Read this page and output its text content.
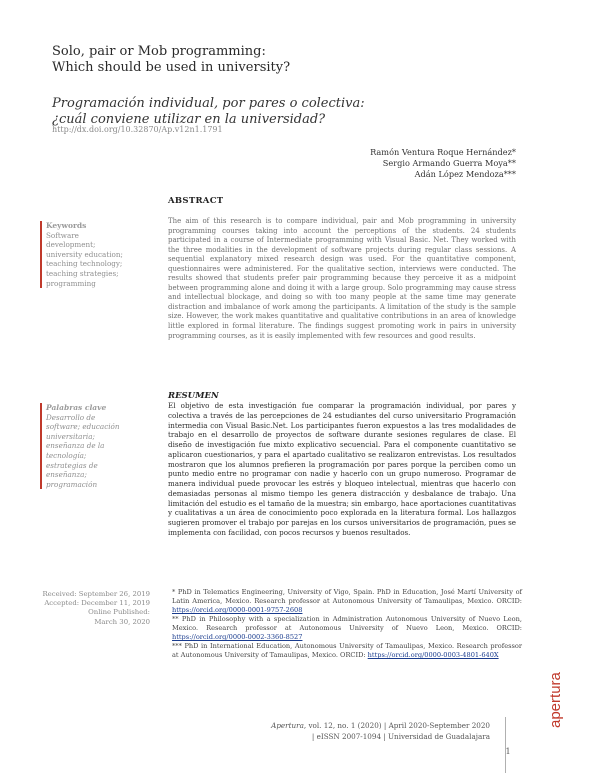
Solo, pair or Mob programming:
Which should be used in university?
Programación individual, por pares o colectiva:
¿cuál conviene utilizar en la universidad?
http://dx.doi.org/10.32870/Ap.v12n1.1791
Ramón Ventura Roque Hernández*
Sergio Armando Guerra Moya**
Adán López Mendoza***
ABSTRACT
Keywords
Software development; university education; teaching technology; teaching strategies; programming
The aim of this research is to compare individual, pair and Mob programming in university programming courses taking into account the perceptions of the students. 24 students participated in a course of Intermediate programming with Visual Basic. Net. They worked with the three modalities in the development of software projects during regular class sessions. A sequential explanatory mixed research design was used. For the quantitative component, questionnaires were administered. For the qualitative section, interviews were conducted. The results showed that students prefer pair programming because they perceive it as a midpoint between programming alone and doing it with a large group. Solo programming may cause stress and intellectual blockage, and doing so with too many people at the same time may generate distraction and imbalance of work among the participants. A limitation of the study is the sample size. However, the work makes quantitative and qualitative contributions in an area of knowledge little explored in formal literature. The findings suggest promoting work in pairs in university programming courses, as it is easily implemented with few resources and good results.
RESUMEN
Palabras clave
Desarrollo de software; educación universitaria; enseñanza de la tecnología; estrategias de enseñanza; programación
El objetivo de esta investigación fue comparar la programación individual, por pares y colectiva a través de las percepciones de 24 estudiantes del curso universitario Programación intermedia con Visual Basic.Net. Los participantes fueron expuestos a las tres modalidades de trabajo en el desarrollo de proyectos de software durante sesiones regulares de clase. El diseño de investigación fue mixto explicativo secuencial. Para el componente cuantitativo se aplicaron cuestionarios, y para el apartado cualitativo se realizaron entrevistas. Los resultados mostraron que los alumnos prefieren la programación por pares porque la perciben como un punto medio entre no programar con nadie y hacerlo con un grupo numeroso. Programar de manera individual puede provocar les estrés y bloqueo intelectual, mientras que hacerlo con demasiadas personas al mismo tiempo les genera distracción y desbalance de trabajo. Una limitación del estudio es el tamaño de la muestra; sin embargo, hace aportaciones cuantitativas y cualitativas a un área de conocimiento poco explorada en la literatura formal. Los hallazgos sugieren promover el trabajo por parejas en los cursos universitarios de programación, pues se implementa con facilidad, con pocos recursos y buenos resultados.
Received: September 26, 2019
Accepted: December 11, 2019
Online Published:
March 30, 2020

* PhD in Telematics Engineering, University of Vigo, Spain. PhD in Education, José Martí University of Latin America, Mexico. Research professor at Autonomous University of Tamaulipas, Mexico. ORCID: https://orcid.org/0000-0001-9757-2608

** PhD in Philosophy with a specialization in Administration Autonomous University of Nuevo Leon, Mexico. Research professor at Autonomous University of Nuevo Leon, Mexico. ORCID: https://orcid.org/0000-0002-3360-8527

*** PhD in International Education, Autonomous University of Tamaulipas, Mexico. Research professor at Autonomous University of Tamaulipas, Mexico. ORCID: https://orcid.org/0000-0003-4801-640X

Apertura, vol. 12, no. 1 (2020) | April 2020-September 2020
| eISSN 2007-1094 | Universidad de Guadalajara
1
apertura
